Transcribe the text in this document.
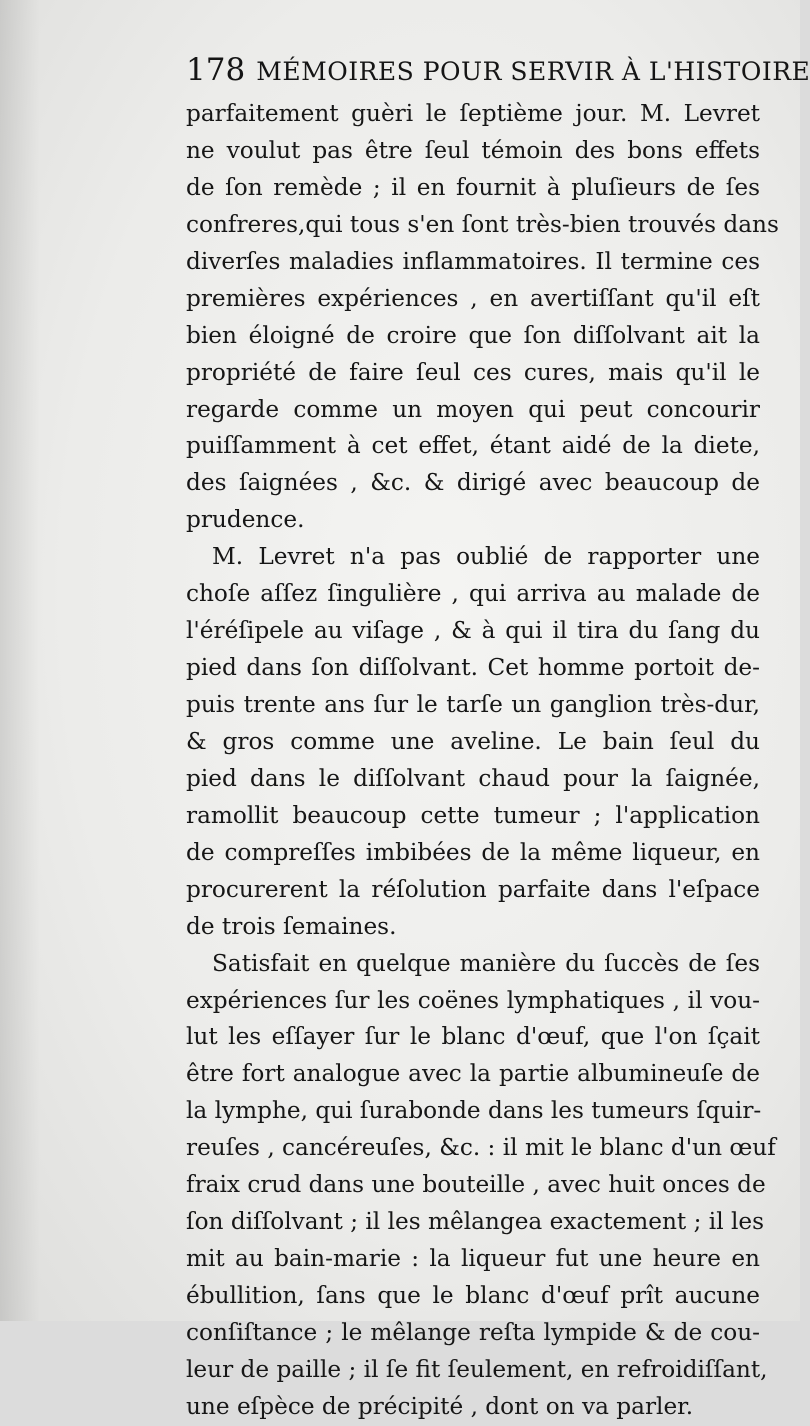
178 MÉMOIRES POUR SERVIR À L'HISTOIRE
parfaitement guèri le ſeptième jour. M. Levret
ne voulut pas être ſeul témoin des bons effets
de ſon remède ; il en fournit à pluſieurs de ſes
confreres,qui tous s'en ſont très-bien trouvés dans
diverſes maladies inflammatoires. Il termine ces
premières expériences , en avertiſſant qu'il eſt
bien éloigné de croire que ſon diſſolvant ait la
propriété de faire ſeul ces cures, mais qu'il le
regarde comme un moyen qui peut concourir
puiſſamment à cet effet, étant aidé de la diete,
des ſaignées , &c. & dirigé avec beaucoup de
prudence.
M. Levret n'a pas oublié de rapporter une
choſe aſſez ſingulière , qui arriva au malade de
l'éréſipele au viſage , & à qui il tira du ſang du
pied dans ſon diſſolvant. Cet homme portoit de-
puis trente ans ſur le tarſe un ganglion très-dur,
& gros comme une aveline. Le bain ſeul du
pied dans le diſſolvant chaud pour la ſaignée,
ramollit beaucoup cette tumeur ; l'application
de compreſſes imbibées de la même liqueur, en
procurerent la réſolution parfaite dans l'eſpace
de trois ſemaines.
Satisfait en quelque manière du ſuccès de ſes
expériences ſur les coënes lymphatiques , il vou-
lut les eſſayer ſur le blanc d'œuf, que l'on ſçait
être fort analogue avec la partie albumineuſe de
la lymphe, qui ſurabonde dans les tumeurs ſquir-
reuſes , cancéreuſes, &c. : il mit le blanc d'un œuf
fraix crud dans une bouteille , avec huit onces de
ſon diſſolvant ; il les mêlangea exactement ; il les
mit au bain-marie : la liqueur fut une heure en
ébullition, ſans que le blanc d'œuf prît aucune
conſiſtance ; le mêlange reſta lympide & de cou-
leur de paille ; il ſe fit ſeulement, en refroidiſſant,
une eſpèce de précipité , dont on va parler.
